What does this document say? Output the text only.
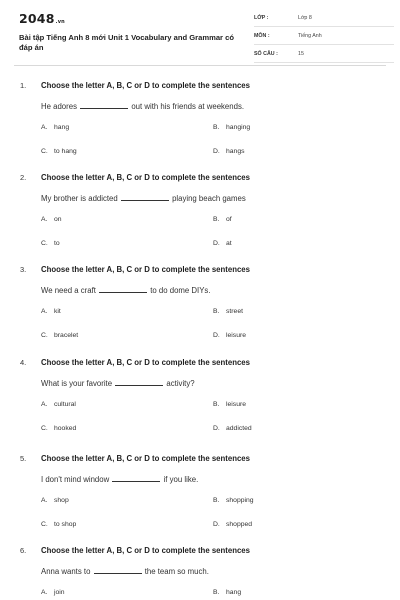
2048.vn
Bài tập Tiếng Anh 8 mới Unit 1 Vocabulary and Grammar có đáp án
LỚP :	Lớp 8
MÔN :	Tiếng Anh
SỐ CÂU :	15
1. Choose the letter A, B, C or D to complete the sentences
He adores	out with his friends at weekends.
A. hang	B. hanging
C. to hang	D. hangs
2. Choose the letter A, B, C or D to complete the sentences
My brother is addicted	playing beach games
A. on	B. of
C. to	D. at
3. Choose the letter A, B, C or D to complete the sentences
We need a craft	to do dome DIYs.
A. kit	B. street
C. bracelet	D. leisure
4. Choose the letter A, B, C or D to complete the sentences
What is your favorite	activity?
A. cultural	B. leisure
C. hooked	D. addicted
5. Choose the letter A, B, C or D to complete the sentences
I don't mind window	if you like.
A. shop	B. shopping
C. to shop	D. shopped
6. Choose the letter A, B, C or D to complete the sentences
Anna wants to	the team so much.
A. join	B. hang
